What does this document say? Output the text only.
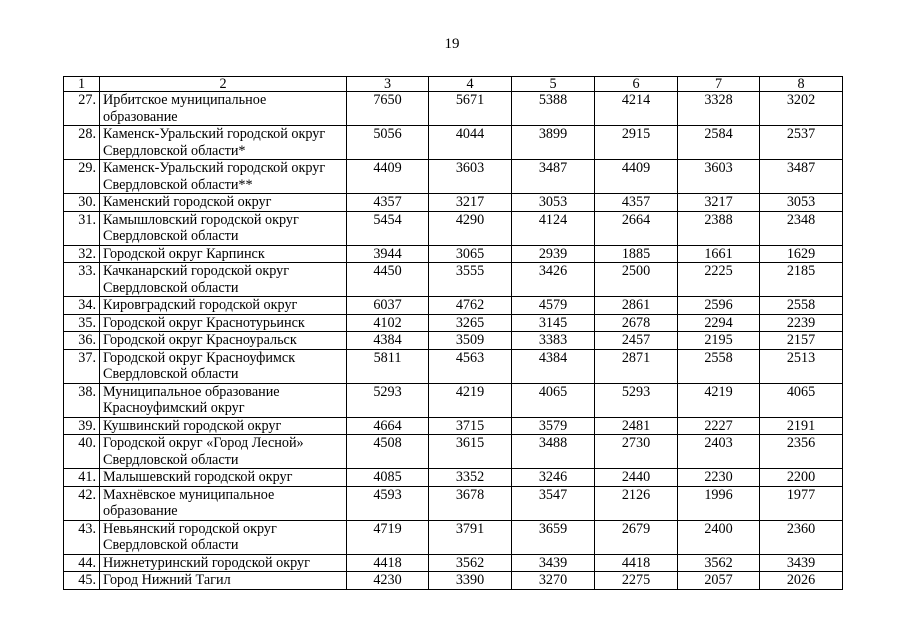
19
1	2	3	4	5	6	7	8
27.	Ирбитское муниципальное образование	7650	5671	5388	4214	3328	3202
28.	Каменск-Уральский городской округ Свердловской области*	5056	4044	3899	2915	2584	2537
29.	Каменск-Уральский городской округ Свердловской области**	4409	3603	3487	4409	3603	3487
30.	Каменский городской округ	4357	3217	3053	4357	3217	3053
31.	Камышловский городской округ Свердловской области	5454	4290	4124	2664	2388	2348
32.	Городской округ Карпинск	3944	3065	2939	1885	1661	1629
33.	Качканарский городской округ Свердловской области	4450	3555	3426	2500	2225	2185
34.	Кировградский городской округ	6037	4762	4579	2861	2596	2558
35.	Городской округ Краснотурьинск	4102	3265	3145	2678	2294	2239
36.	Городской округ Красноуральск	4384	3509	3383	2457	2195	2157
37.	Городской округ Красноуфимск Свердловской области	5811	4563	4384	2871	2558	2513
38.	Муниципальное образование Красноуфимский округ	5293	4219	4065	5293	4219	4065
39.	Кушвинский городской округ	4664	3715	3579	2481	2227	2191
40.	Городской округ «Город Лесной» Свердловской области	4508	3615	3488	2730	2403	2356
41.	Малышевский городской округ	4085	3352	3246	2440	2230	2200
42.	Махнёвское муниципальное образование	4593	3678	3547	2126	1996	1977
43.	Невьянский городской округ Свердловской области	4719	3791	3659	2679	2400	2360
44.	Нижнетуринский городской округ	4418	3562	3439	4418	3562	3439
45.	Город Нижний Тагил	4230	3390	3270	2275	2057	2026
